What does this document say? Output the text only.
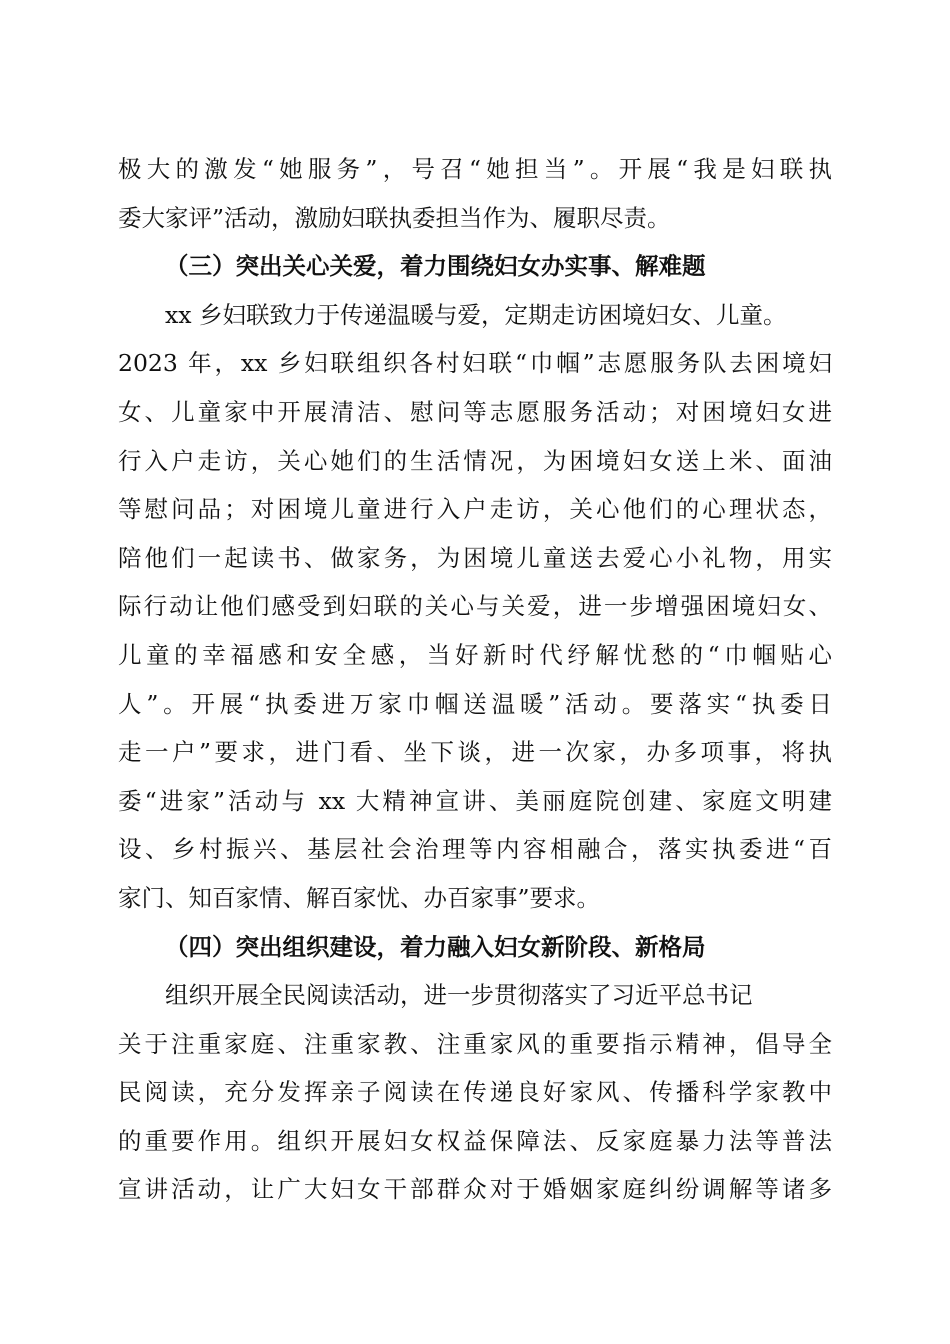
极大的激发“她服务”，号召“她担当”。开展“我是妇联执
委大家评”活动，激励妇联执委担当作为、履职尽责。
（三）突出关心关爱，着力围绕妇女办实事、解难题
xx 乡妇联致力于传递温暖与爱，定期走访困境妇女、儿童。
2023 年，xx 乡妇联组织各村妇联“巾帼”志愿服务队去困境妇
女、儿童家中开展清洁、慰问等志愿服务活动；对困境妇女进
行入户走访，关心她们的生活情况，为困境妇女送上米、面油
等慰问品；对困境儿童进行入户走访，关心他们的心理状态，
陪他们一起读书、做家务，为困境儿童送去爱心小礼物，用实
际行动让他们感受到妇联的关心与关爱，进一步增强困境妇女、
儿童的幸福感和安全感，当好新时代纾解忧愁的“巾帼贴心
人”。开展“执委进万家巾帼送温暖”活动。要落实“执委日
走一户”要求，进门看、坐下谈，进一次家，办多项事，将执
委“进家”活动与 xx 大精神宣讲、美丽庭院创建、家庭文明建
设、乡村振兴、基层社会治理等内容相融合，落实执委进“百
家门、知百家情、解百家忧、办百家事”要求。
（四）突出组织建设，着力融入妇女新阶段、新格局
组织开展全民阅读活动，进一步贯彻落实了习近平总书记
关于注重家庭、注重家教、注重家风的重要指示精神，倡导全
民阅读，充分发挥亲子阅读在传递良好家风、传播科学家教中
的重要作用。组织开展妇女权益保障法、反家庭暴力法等普法
宣讲活动，让广大妇女干部群众对于婚姻家庭纠纷调解等诸多
